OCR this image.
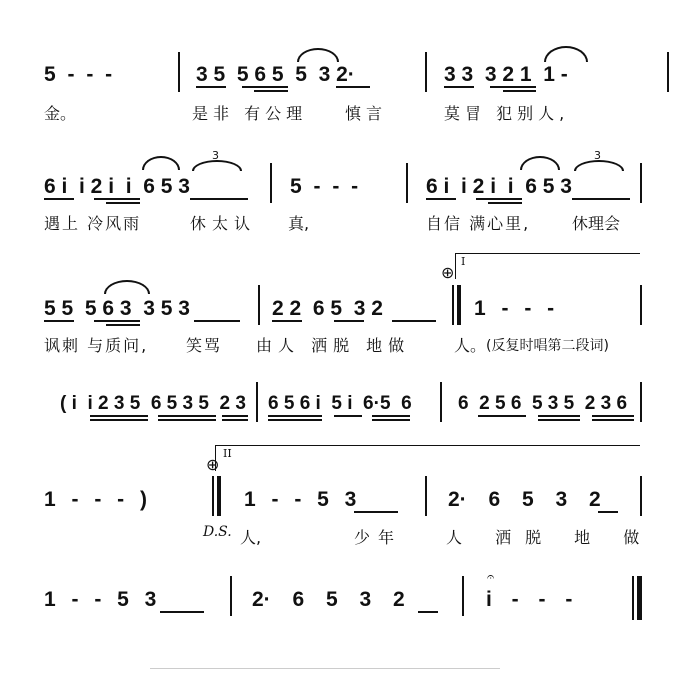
5 - - -	3 5  5 6 5  5  3 2·	3 3  3 2 1  1 -
金。	是非 有公理 慎言	莫冒 犯别人,
6 i  i 2 i  i  6 5 3
3
5 - - -	6 i  i 2 i  i  6 5 3
3
遇上 冷风雨	休太认 真,	自信 满心里,	休理会
I
⊕
5 5  5 6 3  3 5 3	2 2  6 5  3 2	1 - - -
讽刺 与质问, 笑骂 由人 洒脱 地做	人。 (反复时唱第二段词)
( i  i 2 3 5  6 5 3 5  2 3 6 5 6 i  5 i  6·5  6 6  2 5 6  5 3 5  2 3 6
II
⊕
1 - - - )	1 - - 5 3	2· 6 5 3 2
D.S. 人,	少年	人 洒脱 地 做
1 - - 5 3	2· 6 5 3 2	i - - -
𝄐
